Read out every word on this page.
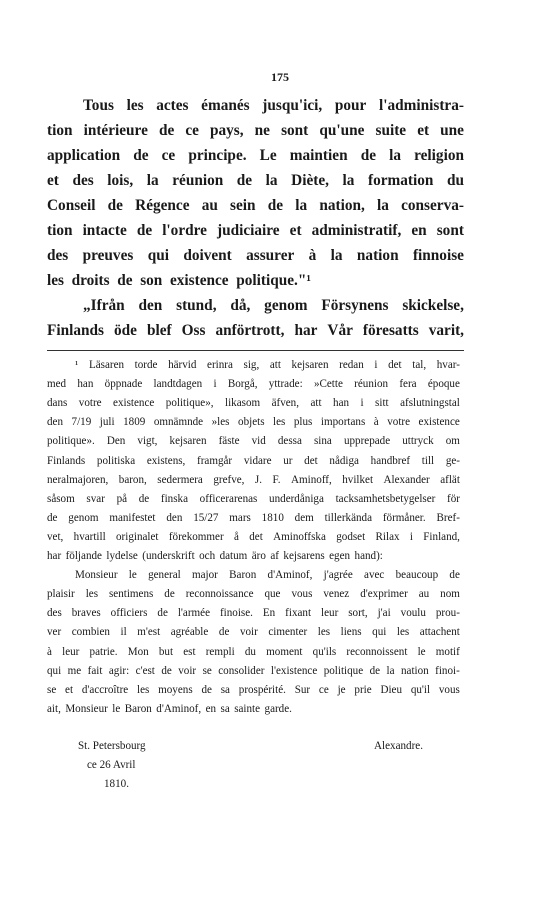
175
Tous les actes émanés jusqu'ici, pour l'administra-
tion intérieure de ce pays, ne sont qu'une suite et une
application de ce principe. Le maintien de la religion
et des lois, la réunion de la Diète, la formation du
Conseil de Régence au sein de la nation, la conserva-
tion intacte de l'ordre judiciaire et administratif, en sont
des preuves qui doivent assurer à la nation finnoise
les droits de son existence politique."¹
„Ifrån den stund, då, genom Försynens skickelse,
Finlands öde blef Oss anförtrott, har Vår föresatts varit,
¹ Läsaren torde härvid erinra sig, att kejsaren redan i det tal, hvar-
med han öppnade landtdagen i Borgå, yttrade: »Cette réunion fera époque
dans votre existence politique», likasom äfven, att han i sitt afslutningstal
den 7/19 juli 1809 omnämnde »les objets les plus importans à votre existence
politique». Den vigt, kejsaren fäste vid dessa sina upprepade uttryck om
Finlands politiska existens, framgår vidare ur det nådiga handbref till ge-
neralmajoren, baron, sedermera grefve, J. F. Aminoff, hvilket Alexander aflät
såsom svar på de finska officerarenas underdåniga tacksamhetsbetygelser för
de genom manifestet den 15/27 mars 1810 dem tillerkända förmåner. Bref-
vet, hvartill originalet förekommer å det Aminoffska godset Rilax i Finland,
har följande lydelse (underskrift och datum äro af kejsarens egen hand):
Monsieur le general major Baron d'Aminof, j'agrée avec beaucoup de
plaisir les sentimens de reconnoissance que vous venez d'exprimer au nom
des braves officiers de l'armée finoise. En fixant leur sort, j'ai voulu prou-
ver combien il m'est agréable de voir cimenter les liens qui les attachent
à leur patrie. Mon but est rempli du moment qu'ils reconnoissent le motif
qui me fait agir: c'est de voir se consolider l'existence politique de la nation finoi-
se et d'accroître les moyens de sa prospérité. Sur ce je prie Dieu qu'il vous
ait, Monsieur le Baron d'Aminof, en sa sainte garde.
St. Petersbourg
ce 26 Avril
1810.
Alexandre.
